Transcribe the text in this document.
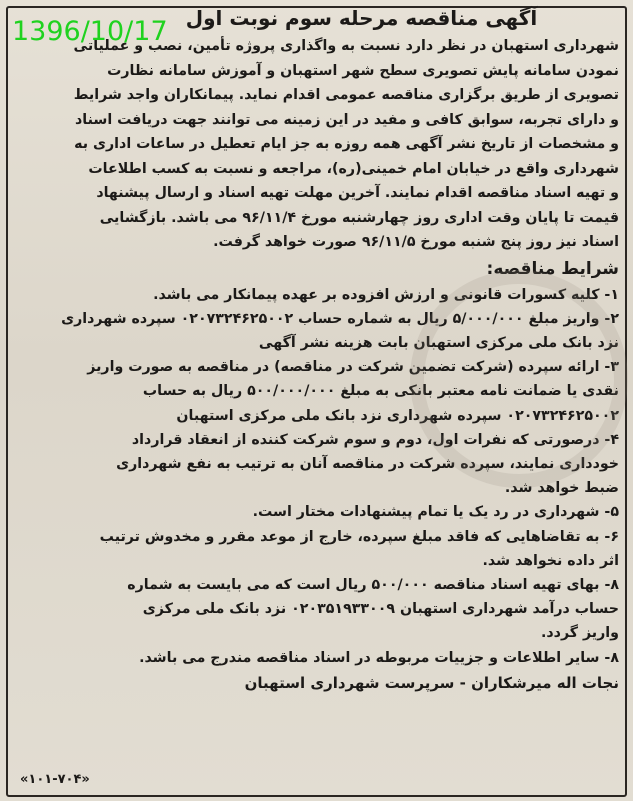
1396/10/17 آگهی مناقصه مرحله سوم نوبت اول

شهرداری استهبان در نظر دارد نسبت به واگذاری پروژه تأمین، نصب و عملیاتی

نمودن سامانه پایش تصویری سطح شهر استهبان و آموزش سامانه نظارت

تصویری از طریق برگزاری مناقصه عمومی اقدام نماید. پیمانکاران واجد شرایط

و دارای تجربه، سوابق کافی و مفید در این زمینه می توانند جهت دریافت اسناد

و مشخصات از تاریخ نشر آگهی همه روزه به جز ایام تعطیل در ساعات اداری به

شهرداری واقع در خیابان امام خمینی(ره)، مراجعه و نسبت به کسب اطلاعات

و تهیه اسناد مناقصه اقدام نمایند. آخرین مهلت تهیه اسناد و ارسال پیشنهاد

قیمت تا پایان وقت اداری روز چهارشنبه مورخ ۹۶/۱۱/۴ می باشد. بازگشایی

اسناد نیز روز پنج شنبه مورخ ۹۶/۱۱/۵ صورت خواهد گرفت.

شرایط مناقصه:

۱- کلیه کسورات قانونی و ارزش افزوده بر عهده پیمانکار می باشد.

۲- واریز مبلغ ۵/۰۰۰/۰۰۰ ریال به شماره حساب ۰۲۰۷۳۲۴۶۲۵۰۰۲ سپرده شهرداری

نزد بانک ملی مرکزی استهبان بابت هزینه نشر آگهی

۳- ارائه سپرده (شرکت تضمین شرکت در مناقصه) در مناقصه به صورت واریز

نقدی یا ضمانت نامه معتبر بانکی به مبلغ ۵۰۰/۰۰۰/۰۰۰ ریال به حساب

۰۲۰۷۳۲۴۶۲۵۰۰۲ سپرده شهرداری نزد بانک ملی مرکزی استهبان

۴- درصورتی که نفرات اول، دوم و سوم شرکت کننده از انعقاد قرارداد

خودداری نمایند، سپرده شرکت در مناقصه آنان به ترتیب به نفع شهرداری

ضبط خواهد شد.

۵- شهرداری در رد یک یا تمام پیشنهادات مختار است.

۶- به تقاضاهایی که فاقد مبلغ سپرده، خارج از موعد مقرر و مخدوش ترتیب

اثر داده نخواهد شد.

۸- بهای تهیه اسناد مناقصه ۵۰۰/۰۰۰ ریال است که می بایست به شماره

حساب درآمد شهرداری استهبان ۰۲۰۳۵۱۹۳۳۰۰۹ نزد بانک ملی مرکزی

واریز گردد.

۸- سایر اطلاعات و جزییات مربوطه در اسناد مناقصه مندرج می باشد.

نجات اله میرشکاران - سرپرست شهرداری استهبان
«۱۰۱-۷۰۴»
